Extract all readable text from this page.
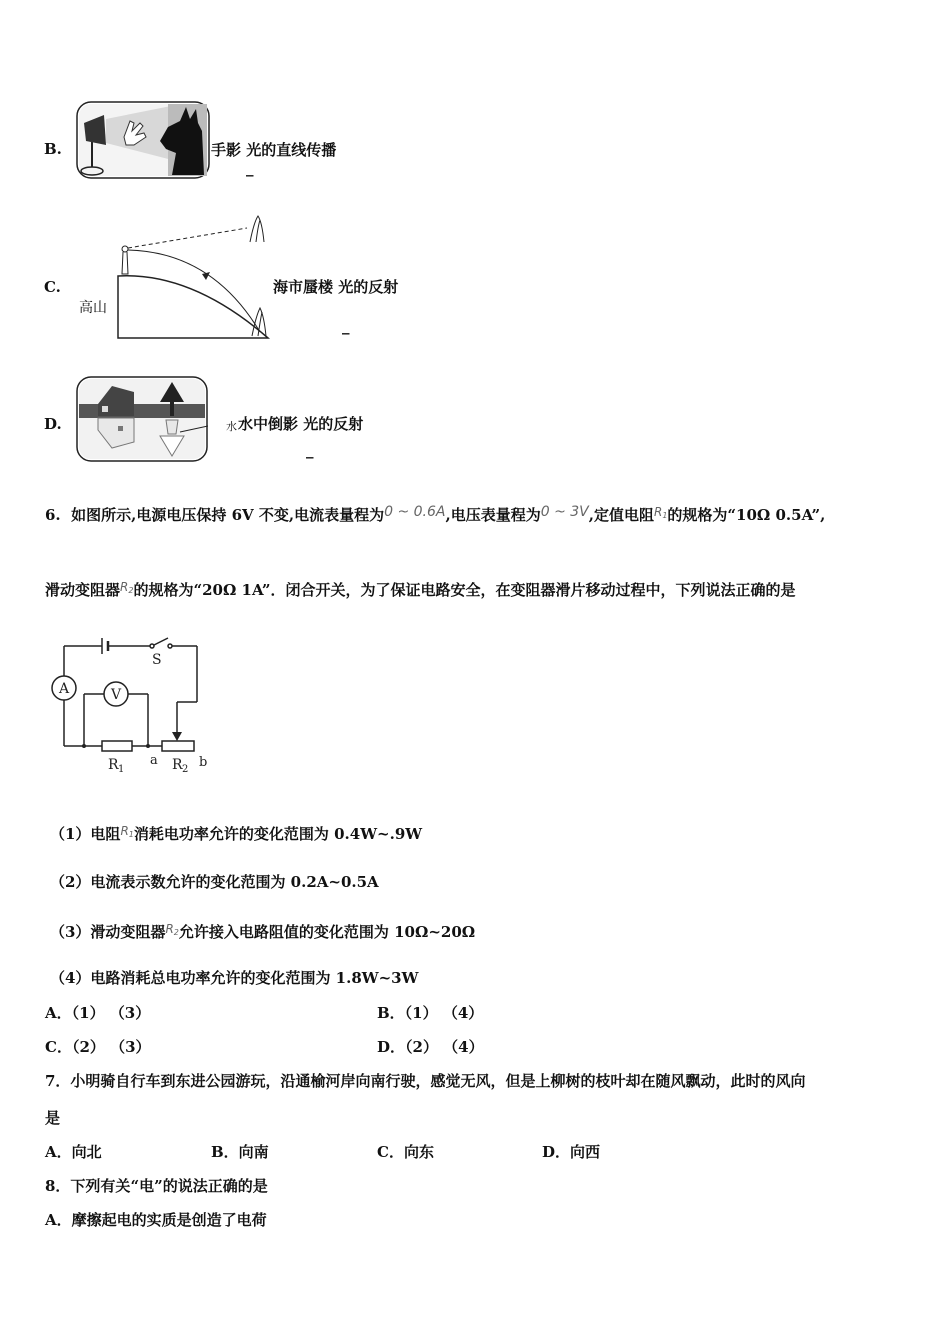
B.	手影 光的直线传播
_
C.
高山
海市蜃楼 光的反射
_
D.	水 水中倒影 光的反射
_
6. 如图所示,电源电压保持 6V 不变,电流表量程为0 ~ 0.6A,电压表量程为0 ~ 3V,定值电阻$^{R1}$的规格为“10Ω 0.5A”,
滑动变阻器$^{R2}$的规格为“20Ω 1A”．闭合开关，为了保证电路安全，在变阻器滑片移动过程中，下列说法正确的是
S
A	V
R 1
a R 2 b
（1）电阻$^{R1}$消耗电功率允许的变化范围为 0.4W~.9W
（2）电流表示数允许的变化范围为 0.2A~0.5A
（3）滑动变阻器$^{R2}$允许接入电路阻值的变化范围为 10Ω~20Ω
（4）电路消耗总电功率允许的变化范围为 1.8W~3W
A．（1） （3）	B．（1） （4）
C．（2） （3）	D．（2） （4）
7．小明骑自行车到东进公园游玩，沿通榆河岸向南行驶，感觉无风，但是上柳树的枝叶却在随风飘动，此时的风向
是
A．向北	B．向南	C．向东	D．向西
8．下列有关“电”的说法正确的是
A．摩擦起电的实质是创造了电荷
